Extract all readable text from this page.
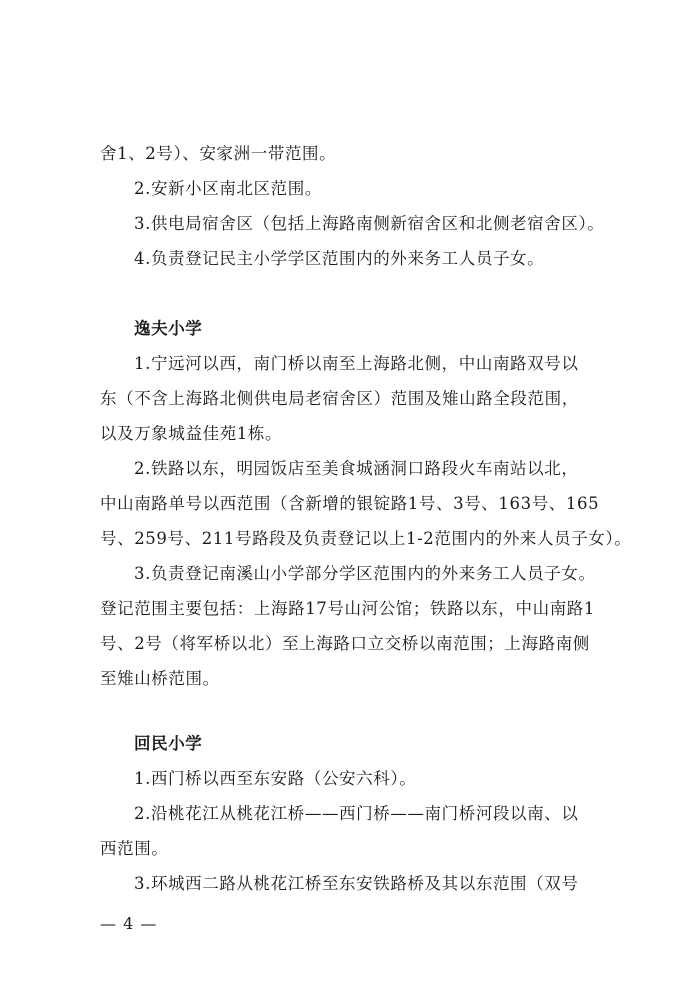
舍1、2号）、安家洲一带范围。
2.安新小区南北区范围。
3.供电局宿舍区（包括上海路南侧新宿舍区和北侧老宿舍区）。
4.负责登记民主小学学区范围内的外来务工人员子女。
逸夫小学
1.宁远河以西，南门桥以南至上海路北侧，中山南路双号以
东（不含上海路北侧供电局老宿舍区）范围及雉山路全段范围，
以及万象城益佳苑1栋。
2.铁路以东，明园饭店至美食城涵洞口路段火车南站以北，
中山南路单号以西范围（含新增的银锭路1号、3号、163号、165
号、259号、211号路段及负责登记以上1-2范围内的外来人员子女）。
3.负责登记南溪山小学部分学区范围内的外来务工人员子女。
登记范围主要包括：上海路17号山河公馆；铁路以东，中山南路1
号、2号（将军桥以北）至上海路口立交桥以南范围；上海路南侧
至雉山桥范围。
回民小学
1.西门桥以西至东安路（公安六科）。
2.沿桃花江从桃花江桥——西门桥——南门桥河段以南、以
西范围。
3.环城西二路从桃花江桥至东安铁路桥及其以东范围（双号
— 4 —
